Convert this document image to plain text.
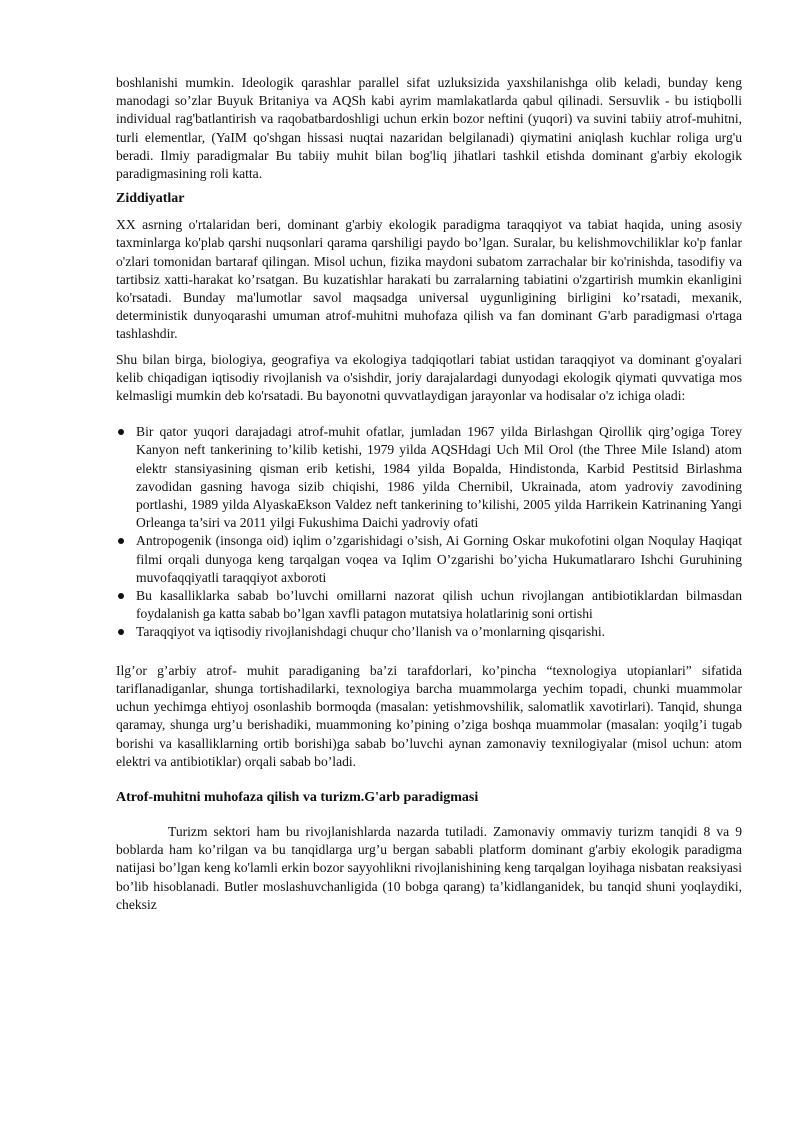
boshlanishi mumkin. Ideologik qarashlar parallel sifat uzluksizida yaxshilanishga olib keladi, bunday keng manodagi so’zlar Buyuk Britaniya va AQSh kabi ayrim mamlakatlarda qabul qilinadi. Sersuvlik - bu istiqbolli individual rag'batlantirish va raqobatbardoshligi uchun erkin bozor neftini (yuqori) va suvini tabiiy atrof-muhitni, turli elementlar, (YaIM qo'shgan hissasi nuqtai nazaridan belgilanadi) qiymatini aniqlash kuchlar roliga urg'u beradi. Ilmiy paradigmalar Bu tabiiy muhit bilan bog'liq jihatlari tashkil etishda dominant g'arbiy ekologik paradigmasining roli katta.

Ziddiyatlar

XX asrning o'rtalaridan beri, dominant g'arbiy ekologik paradigma taraqqiyot va tabiat haqida, uning asosiy taxminlarga ko'plab qarshi nuqsonlari qarama qarshiligi paydo bo’lgan. Suralar, bu kelishmovchiliklar ko'p fanlar o'zlari tomonidan bartaraf qilingan. Misol uchun, fizika maydoni subatom zarrachalar bir ko'rinishda, tasodifiy va tartibsiz xatti-harakat ko’rsatgan. Bu kuzatishlar harakati bu zarralarning tabiatini o'zgartirish mumkin ekanligini ko'rsatadi. Bunday ma'lumotlar savol maqsadga universal uygunligining birligini ko’rsatadi, mexanik, deterministik dunyoqarashi umuman atrof-muhitni muhofaza qilish va fan dominant G'arb paradigmasi o'rtaga tashlashdir.

Shu bilan birga, biologiya, geografiya va ekologiya tadqiqotlari tabiat ustidan taraqqiyot va dominant g'oyalari kelib chiqadigan iqtisodiy rivojlanish va o'sishdir, joriy darajalardagi dunyodagi ekologik qiymati quvvatiga mos kelmasligi mumkin deb ko'rsatadi. Bu bayonotni quvvatlaydigan jarayonlar va hodisalar o'z ichiga oladi:

Bir qator yuqori darajadagi atrof-muhit ofatlar, jumladan 1967 yilda Birlashgan Qirollik qirg’ogiga Torey Kanyon neft tankerining to’kilib ketishi, 1979 yilda AQSHdagi Uch Mil Orol (the Three Mile Island) atom elektr stansiyasining qisman erib ketishi, 1984 yilda Bopalda, Hindistonda, Karbid Pestitsid Birlashma zavodidan gasning havoga sizib chiqishi, 1986 yilda Chernibil, Ukrainada, atom yadroviy zavodining portlashi, 1989 yilda AlyaskaEkson Valdez neft tankerining to’kilishi, 2005 yilda Harrikein Katrinaning Yangi Orleanga ta’siri va 2011 yilgi Fukushima Daichi yadroviy ofati
Antropogenik (insonga oid) iqlim o’zgarishidagi o’sish, Ai Gorning Oskar mukofotini olgan Noqulay Haqiqat filmi orqali dunyoga keng tarqalgan voqea va Iqlim O’zgarishi bo’yicha Hukumatlararo Ishchi Guruhining muvofaqqiyatli taraqqiyot axboroti
Bu kasalliklarka sabab bo’luvchi omillarni nazorat qilish uchun rivojlangan antibiotiklardan bilmasdan foydalanish ga katta sabab bo’lgan xavfli patagon mutatsiya holatlarinig soni ortishi
Taraqqiyot va iqtisodiy rivojlanishdagi chuqur cho’llanish va o’monlarning qisqarishi.

Ilg’or g’arbiy atrof- muhit paradiganing ba’zi tarafdorlari, ko’pincha “texnologiya utopianlari” sifatida tariflanadiganlar, shunga tortishadilarki, texnologiya barcha muammolarga yechim topadi, chunki muammolar uchun yechimga ehtiyoj osonlashib bormoqda (masalan: yetishmovshilik, salomatlik xavotirlari). Tanqid, shunga qaramay, shunga urg’u berishadiki, muammoning ko’pining o’ziga boshqa muammolar (masalan: yoqilg’i tugab borishi va kasalliklarning ortib borishi)ga sabab bo’luvchi aynan zamonaviy texnilogiyalar (misol uchun: atom elektri va antibiotiklar) orqali sabab bo’ladi.

Atrof-muhitni muhofaza qilish va turizm.G'arb paradigmasi

Turizm sektori ham bu rivojlanishlarda nazarda tutiladi. Zamonaviy ommaviy turizm tanqidi 8 va 9 boblarda ham ko’rilgan va bu tanqidlarga urg’u bergan sababli platform dominant g'arbiy ekologik paradigma natijasi bo’lgan keng ko'lamli erkin bozor sayyohlikni rivojlanishining keng tarqalgan loyihaga nisbatan reaksiyasi bo’lib hisoblanadi. Butler moslashuvchanligida (10 bobga qarang) ta’kidlanganidek, bu tanqid shuni yoqlaydiki, cheksiz
